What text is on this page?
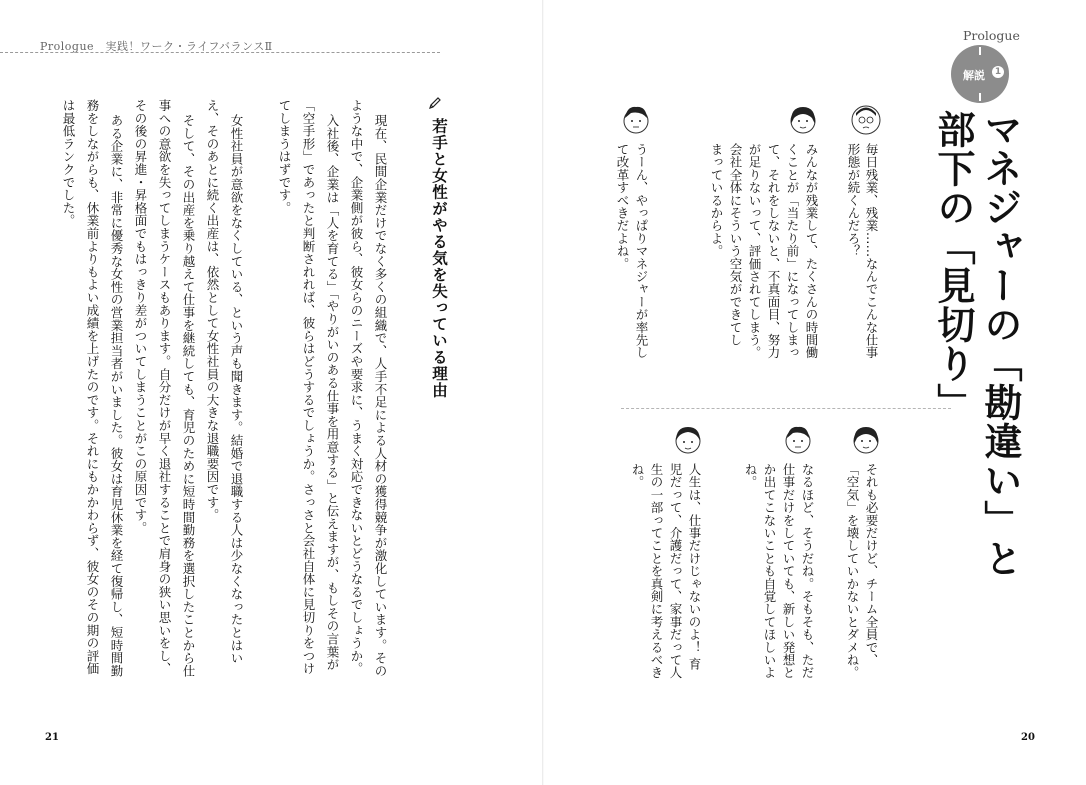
Prologue　実践！ワーク・ライフバランスⅡ
若手と女性がやる気を失っている理由
現在、民間企業だけでなく多くの組織で、人手不足による人材の獲得競争が激化しています。その
ような中で、企業側が彼ら、彼女らのニーズや要求に、うまく対応できないとどうなるでしょうか。
入社後、企業は「人を育てる」「やりがいのある仕事を用意する」と伝えますが、もしその言葉が
「空手形」であったと判断されれば、彼らはどうするでしょうか。さっさと会社自体に見切りをつけ
てしまうはずです。
女性社員が意欲をなくしている、という声も聞きます。結婚で退職する人は少なくなったとはい
え、そのあとに続く出産は、依然として女性社員の大きな退職要因です。
そして、その出産を乗り越えて仕事を継続しても、育児のために短時間勤務を選択したことから仕
事への意欲を失ってしまうケースもあります。自分だけが早く退社することで肩身の狭い思いをし、
その後の昇進・昇格面でもはっきり差がついてしまうことがこの原因です。
ある企業に、非常に優秀な女性の営業担当者がいました。彼女は育児休業を経て復帰し、短時間勤
務をしながらも、休業前よりもよい成績を上げたのです。それにもかかわらず、彼女のその期の評価
は最低ランクでした。
21
Prologue
解説	1
マネジャーの「勘違い」と
部下の「見切り」
毎日残業、残業……なんでこんな仕事
形態が続くんだろ？
みんなが残業して、たくさんの時間働
くことが「当たり前」になってしまっ
て、それをしないと、不真面目、努力
が足りないって、評価されてしまう。
会社全体にそういう空気ができてし
まっているからよ。
うーん、やっぱりマネジャーが率先し
て改革すべきだよね。
それも必要だけど、チーム全員で、
「空気」を壊していかないとダメね。
なるほど、そうだね。そもそも、ただ
仕事だけをしていても、新しい発想と
か出てこないことも自覚してほしいよ
ね。
人生は、仕事だけじゃないのよ！ 育
児だって、介護だって、家事だって人
生の一部ってことを真剣に考えるべき
ね。
20
